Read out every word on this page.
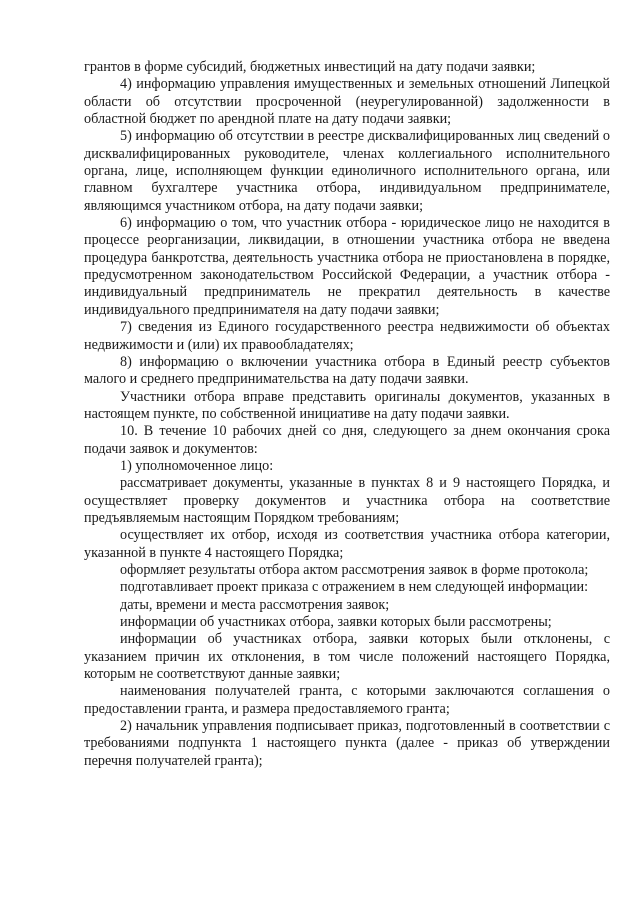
грантов в форме субсидий, бюджетных инвестиций на дату подачи заявки;

4) информацию управления имущественных и земельных отношений Липецкой области об отсутствии просроченной (неурегулированной) задолженности в областной бюджет по арендной плате на дату подачи заявки;

5) информацию об отсутствии в реестре дисквалифицированных лиц сведений о дисквалифицированных руководителе, членах коллегиального исполнительного органа, лице, исполняющем функции единоличного исполнительного органа, или главном бухгалтере участника отбора, индивидуальном предпринимателе, являющимся участником отбора, на дату подачи заявки;

6) информацию о том, что участник отбора - юридическое лицо не находится в процессе реорганизации, ликвидации, в отношении участника отбора не введена процедура банкротства, деятельность участника отбора не приостановлена в порядке, предусмотренном законодательством Российской Федерации, а участник отбора - индивидуальный предприниматель не прекратил деятельность в качестве индивидуального предпринимателя на дату подачи заявки;

7) сведения из Единого государственного реестра недвижимости об объектах недвижимости и (или) их правообладателях;

8) информацию о включении участника отбора в Единый реестр субъектов малого и среднего предпринимательства на дату подачи заявки.

Участники отбора вправе представить оригиналы документов, указанных в настоящем пункте, по собственной инициативе на дату подачи заявки.

10. В течение 10 рабочих дней со дня, следующего за днем окончания срока подачи заявок и документов:

1) уполномоченное лицо:

рассматривает документы, указанные в пунктах 8 и 9 настоящего Порядка, и осуществляет проверку документов и участника отбора на соответствие предъявляемым настоящим Порядком требованиям;

осуществляет их отбор, исходя из соответствия участника отбора категории, указанной в пункте 4 настоящего Порядка;

оформляет результаты отбора актом рассмотрения заявок в форме протокола;

подготавливает проект приказа с отражением в нем следующей информации:

даты, времени и места рассмотрения заявок;

информации об участниках отбора, заявки которых были рассмотрены;

информации об участниках отбора, заявки которых были отклонены, с указанием причин их отклонения, в том числе положений настоящего Порядка, которым не соответствуют данные заявки;

наименования получателей гранта, с которыми заключаются соглашения о предоставлении гранта, и размера предоставляемого гранта;

2) начальник управления подписывает приказ, подготовленный в соответствии с требованиями подпункта 1 настоящего пункта (далее - приказ об утверждении перечня получателей гранта);
